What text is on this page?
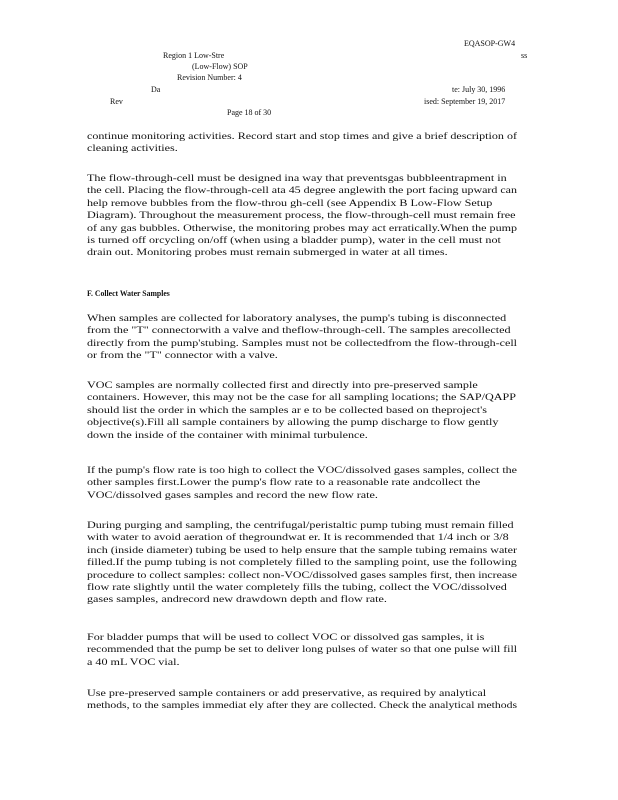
EQASOP-GW4
Region 1 Low-Stre	ss
(Low-Flow) SOP
Revision Number: 4
Da	te: July 30, 1996
Rev	ised: September 19, 2017
Page 18 of 30
continue monitoring activities. Record start and stop times and give a brief description of
cleaning activities.
The flow-through-cell must be designed ina way that preventsgas bubbleentrapment in
the cell. Placing the flow-through-cell ata 45 degree anglewith the port facing upward can
help remove bubbles from the flow-throu gh-cell (see Appendix B Low-Flow Setup
Diagram). Throughout the measurement process, the flow-through-cell must remain free
of any gas bubbles. Otherwise, the monitoring probes may act erratically.When the pump
is turned off orcycling on/off (when using a bladder pump), water in the cell must not
drain out. Monitoring probes must remain submerged in water at all times.
F. Collect Water Samples
When samples are collected for laboratory analyses, the pump's tubing is disconnected
from the "T" connectorwith a valve and theflow-through-cell. The samples arecollected
directly from the pump'stubing. Samples must not be collectedfrom the flow-through-cell
or from the "T" connector with a valve.
VOC samples are normally collected first and directly into pre-preserved sample
containers. However, this may not be the case for all sampling locations; the SAP/QAPP
should list the order in which the samples ar e to be collected based on theproject's
objective(s).Fill all sample containers by allowing the pump discharge to flow gently
down the inside of the container with minimal turbulence.
If the pump's flow rate is too high to collect the VOC/dissolved gases samples, collect the
other samples first.Lower the pump's flow rate to a reasonable rate andcollect the
VOC/dissolved gases samples and record the new flow rate.
During purging and sampling, the centrifugal/peristaltic pump tubing must remain filled
with water to avoid aeration of thegroundwat er. It is recommended that 1/4 inch or 3/8
inch (inside diameter) tubing be used to help ensure that the sample tubing remains water
filled.If the pump tubing is not completely filled to the sampling point, use the following
procedure to collect samples: collect non-VOC/dissolved gases samples first, then increase
flow rate slightly until the water completely fills the tubing, collect the VOC/dissolved
gases samples, andrecord new drawdown depth and flow rate.
For bladder pumps that will be used to collect VOC or dissolved gas samples, it is
recommended that the pump be set to deliver long pulses of water so that one pulse will fill
a 40 mL VOC vial.
Use pre-preserved sample containers or add preservative, as required by analytical
methods, to the samples immediat ely after they are collected. Check the analytical methods
